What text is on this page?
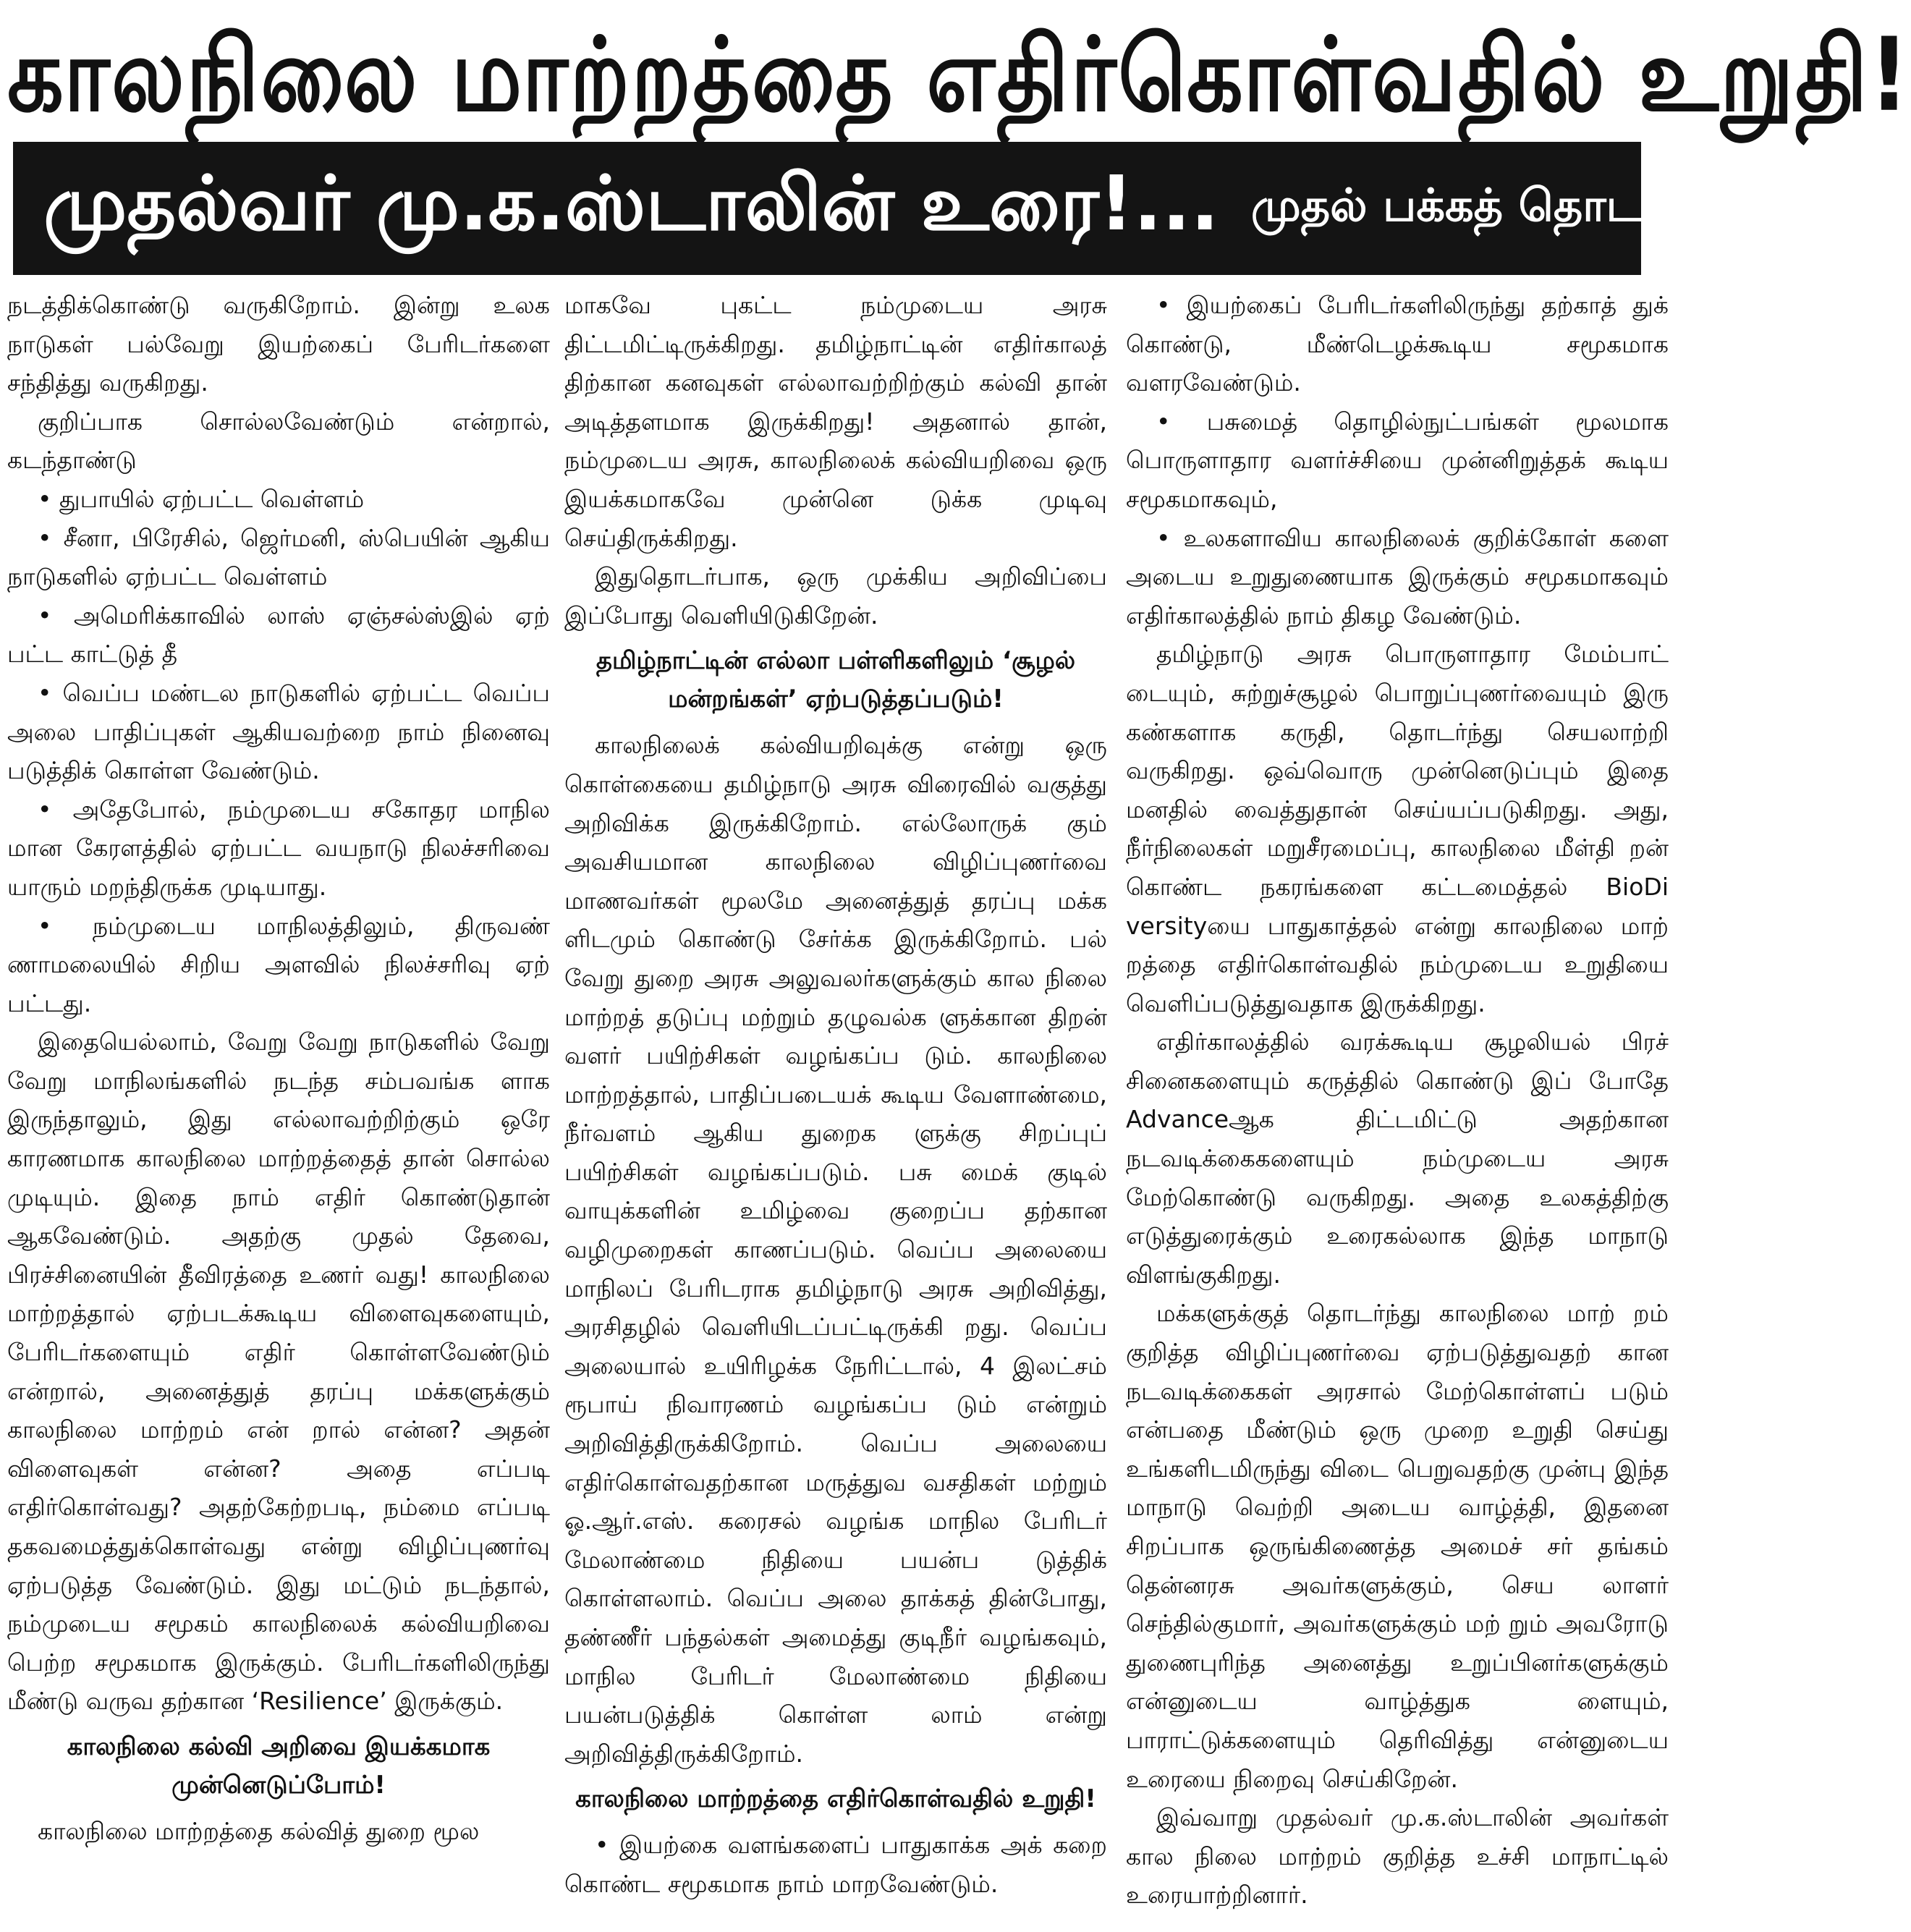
காலநிலை மாற்றத்தை எதிர்கொள்வதில் உறுதி!
முதல்வர் மு.க.ஸ்டாலின் உரை!... முதல் பக்கத் தொடர்ச்சி!

நடத்திக்கொண்டு வருகிறோம். இன்று உலக நாடுகள் பல்வேறு இயற்கைப் பேரிடர்களை சந்தித்து வருகிறது.

குறிப்பாக சொல்லவேண்டும் என்றால், கடந்தாண்டு

• துபாயில் ஏற்பட்ட வெள்ளம்

• சீனா, பிரேசில், ஜெர்மனி, ஸ்பெயின் ஆகிய நாடுகளில் ஏற்பட்ட வெள்ளம்

• அமெரிக்காவில் லாஸ் ஏஞ்சல்ஸ்இல் ஏற் பட்ட காட்டுத் தீ

• வெப்ப மண்டல நாடுகளில் ஏற்பட்ட வெப்ப அலை பாதிப்புகள் ஆகியவற்றை நாம் நினைவு படுத்திக் கொள்ள வேண்டும்.

• அதேபோல், நம்முடைய சகோதர மாநில மான கேரளத்தில் ஏற்பட்ட வயநாடு நிலச்சரிவை யாரும் மறந்திருக்க முடியாது.

• நம்முடைய மாநிலத்திலும், திருவண் ணாமலையில் சிறிய அளவில் நிலச்சரிவு ஏற் பட்டது.

இதையெல்லாம், வேறு வேறு நாடுகளில் வேறு வேறு மாநிலங்களில் நடந்த சம்பவங்க ளாக இருந்தாலும், இது எல்லாவற்றிற்கும் ஒரே காரணமாக காலநிலை மாற்றத்தைத் தான் சொல்ல முடியும். இதை நாம் எதிர் கொண்டுதான் ஆகவேண்டும். அதற்கு முதல் தேவை, பிரச்சினையின் தீவிரத்தை உணர் வது! காலநிலை மாற்றத்தால் ஏற்படக்கூடிய விளைவுகளையும், பேரிடர்களையும் எதிர் கொள்ளவேண்டும் என்றால், அனைத்துத் தரப்பு மக்களுக்கும் காலநிலை மாற்றம் என் றால் என்ன? அதன் விளைவுகள் என்ன? அதை எப்படி எதிர்கொள்வது? அதற்கேற்றபடி, நம்மை எப்படி தகவமைத்துக்கொள்வது என்று விழிப்புணர்வு ஏற்படுத்த வேண்டும். இது மட்டும் நடந்தால், நம்முடைய சமூகம் காலநிலைக் கல்வியறிவை பெற்ற சமூகமாக இருக்கும். பேரிடர்களிலிருந்து மீண்டு வருவ தற்கான ‘Resilience’ இருக்கும்.

காலநிலை கல்வி அறிவை இயக்கமாக முன்னெடுப்போம்!

காலநிலை மாற்றத்தை கல்வித் துறை மூல

மாகவே புகட்ட நம்முடைய அரசு திட்டமிட்டிருக்கிறது. தமிழ்நாட்டின் எதிர்காலத் திற்கான கனவுகள் எல்லாவற்றிற்கும் கல்வி தான் அடித்தளமாக இருக்கிறது! அதனால் தான், நம்முடைய அரசு, காலநிலைக் கல்வியறிவை ஒரு இயக்கமாகவே முன்னெ டுக்க முடிவு செய்திருக்கிறது.

இதுதொடர்பாக, ஒரு முக்கிய அறிவிப்பை இப்போது வெளியிடுகிறேன்.

தமிழ்நாட்டின் எல்லா பள்ளிகளிலும் ‘சூழல் மன்றங்கள்’ ஏற்படுத்தப்படும்!

காலநிலைக் கல்வியறிவுக்கு என்று ஒரு கொள்கையை தமிழ்நாடு அரசு விரைவில் வகுத்து அறிவிக்க இருக்கிறோம். எல்லோருக் கும் அவசியமான காலநிலை விழிப்புணர்வை மாணவர்கள் மூலமே அனைத்துத் தரப்பு மக்க ளிடமும் கொண்டு சேர்க்க இருக்கிறோம். பல் வேறு துறை அரசு அலுவலர்களுக்கும் கால நிலை மாற்றத் தடுப்பு மற்றும் தழுவல்க ளுக்கான திறன் வளர் பயிற்சிகள் வழங்கப்ப டும். காலநிலை மாற்றத்தால், பாதிப்படையக் கூடிய வேளாண்மை, நீர்வளம் ஆகிய துறைக ளுக்கு சிறப்புப் பயிற்சிகள் வழங்கப்படும். பசு மைக் குடில் வாயுக்களின் உமிழ்வை குறைப்ப தற்கான வழிமுறைகள் காணப்படும். வெப்ப அலையை மாநிலப் பேரிடராக தமிழ்நாடு அரசு அறிவித்து, அரசிதழில் வெளியிடப்பட்டிருக்கி றது. வெப்ப அலையால் உயிரிழக்க நேரிட்டால், 4 இலட்சம் ரூபாய் நிவாரணம் வழங்கப்ப டும் என்றும் அறிவித்திருக்கிறோம். வெப்ப அலையை எதிர்கொள்வதற்கான மருத்துவ வசதிகள் மற்றும் ஓ.ஆர்.எஸ். கரைசல் வழங்க மாநில பேரிடர் மேலாண்மை நிதியை பயன்ப டுத்திக் கொள்ளலாம். வெப்ப அலை தாக்கத் தின்போது, தண்ணீர் பந்தல்கள் அமைத்து குடிநீர் வழங்கவும், மாநில பேரிடர் மேலாண்மை நிதியை பயன்படுத்திக் கொள்ள லாம் என்று அறிவித்திருக்கிறோம்.

காலநிலை மாற்றத்தை எதிர்கொள்வதில் உறுதி!

• இயற்கை வளங்களைப் பாதுகாக்க அக் கறை கொண்ட சமூகமாக நாம் மாறவேண்டும்.

• இயற்கைப் பேரிடர்களிலிருந்து தற்காத் துக் கொண்டு, மீண்டெழக்கூடிய சமூகமாக வளரவேண்டும்.

• பசுமைத் தொழில்நுட்பங்கள் மூலமாக பொருளாதார வளர்ச்சியை முன்னிறுத்தக் கூடிய சமூகமாகவும்,

• உலகளாவிய காலநிலைக் குறிக்கோள் களை அடைய உறுதுணையாக இருக்கும் சமூகமாகவும் எதிர்காலத்தில் நாம் திகழ வேண்டும்.

தமிழ்நாடு அரசு பொருளாதார மேம்பாட் டையும், சுற்றுச்சூழல் பொறுப்புணர்வையும் இரு கண்களாக கருதி, தொடர்ந்து செயலாற்றி வருகிறது. ஒவ்வொரு முன்னெடுப்பும் இதை மனதில் வைத்துதான் செய்யப்படுகிறது. அது, நீர்நிலைகள் மறுசீரமைப்பு, காலநிலை மீள்தி றன் கொண்ட நகரங்களை கட்டமைத்தல் BioDi versityயை பாதுகாத்தல் என்று காலநிலை மாற் றத்தை எதிர்கொள்வதில் நம்முடைய உறுதியை வெளிப்படுத்துவதாக இருக்கிறது.

எதிர்காலத்தில் வரக்கூடிய சூழலியல் பிரச் சினைகளையும் கருத்தில் கொண்டு இப் போதே Advanceஆக திட்டமிட்டு அதற்கான நடவடிக்கைகளையும் நம்முடைய அரசு மேற்கொண்டு வருகிறது. அதை உலகத்திற்கு எடுத்துரைக்கும் உரைகல்லாக இந்த மாநாடு விளங்குகிறது.

மக்களுக்குத் தொடர்ந்து காலநிலை மாற் றம் குறித்த விழிப்புணர்வை ஏற்படுத்துவதற் கான நடவடிக்கைகள் அரசால் மேற்கொள்ளப் படும் என்பதை மீண்டும் ஒரு முறை உறுதி செய்து உங்களிடமிருந்து விடை பெறுவதற்கு முன்பு இந்த மாநாடு வெற்றி அடைய வாழ்த்தி, இதனை சிறப்பாக ஒருங்கிணைத்த அமைச் சர் தங்கம் தென்னரசு அவர்களுக்கும், செய லாளர் செந்தில்குமார், அவர்களுக்கும் மற் றும் அவரோடு துணைபுரிந்த அனைத்து உறுப்பினர்களுக்கும் என்னுடைய வாழ்த்துக ளையும், பாராட்டுக்களையும் தெரிவித்து என்னுடைய உரையை நிறைவு செய்கிறேன்.

இவ்வாறு முதல்வர் மு.க.ஸ்டாலின் அவர்கள் கால நிலை மாற்றம் குறித்த உச்சி மாநாட்டில் உரையாற்றினார்.
